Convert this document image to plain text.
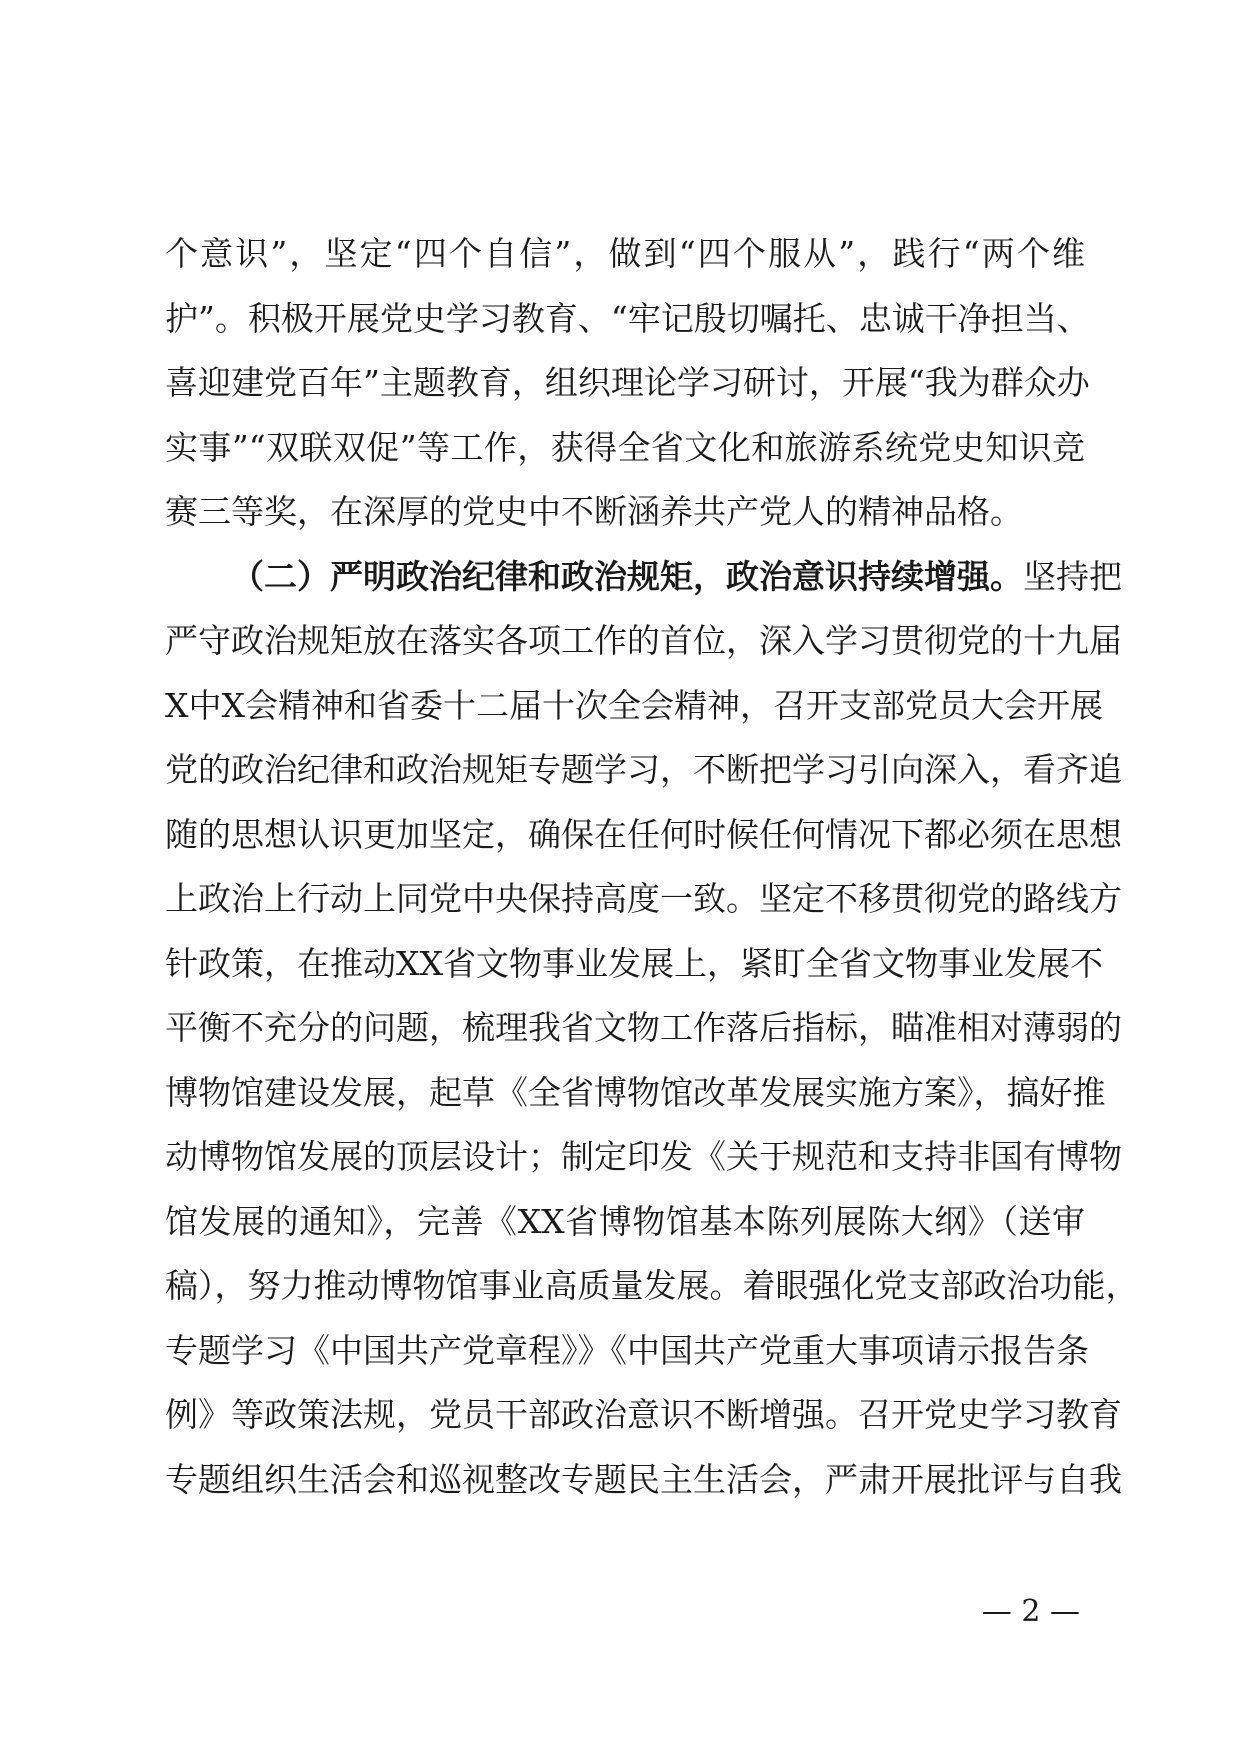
个意识”，坚定“四个自信”，做到“四个服从”，践行“两个维
护”。积极开展党史学习教育、“牢记殷切嘱托、忠诚干净担当、
喜迎建党百年”主题教育，组织理论学习研讨，开展“我为群众办
实事”“双联双促”等工作，获得全省文化和旅游系统党史知识竞
赛三等奖，在深厚的党史中不断涵养共产党人的精神品格。
（二）严明政治纪律和政治规矩，政治意识持续增强。坚持把
严守政治规矩放在落实各项工作的首位，深入学习贯彻党的十九届
X中X会精神和省委十二届十次全会精神，召开支部党员大会开展
党的政治纪律和政治规矩专题学习，不断把学习引向深入，看齐追
随的思想认识更加坚定，确保在任何时候任何情况下都必须在思想
上政治上行动上同党中央保持高度一致。坚定不移贯彻党的路线方
针政策，在推动XX省文物事业发展上，紧盯全省文物事业发展不
平衡不充分的问题，梳理我省文物工作落后指标，瞄准相对薄弱的
博物馆建设发展，起草《全省博物馆改革发展实施方案》，搞好推
动博物馆发展的顶层设计；制定印发《关于规范和支持非国有博物
馆发展的通知》，完善《XX省博物馆基本陈列展陈大纲》（送审
稿），努力推动博物馆事业高质量发展。着眼强化党支部政治功能，
专题学习《中国共产党章程》》《中国共产党重大事项请示报告条
例》等政策法规，党员干部政治意识不断增强。召开党史学习教育
专题组织生活会和巡视整改专题民主生活会，严肃开展批评与自我
— 2 —
